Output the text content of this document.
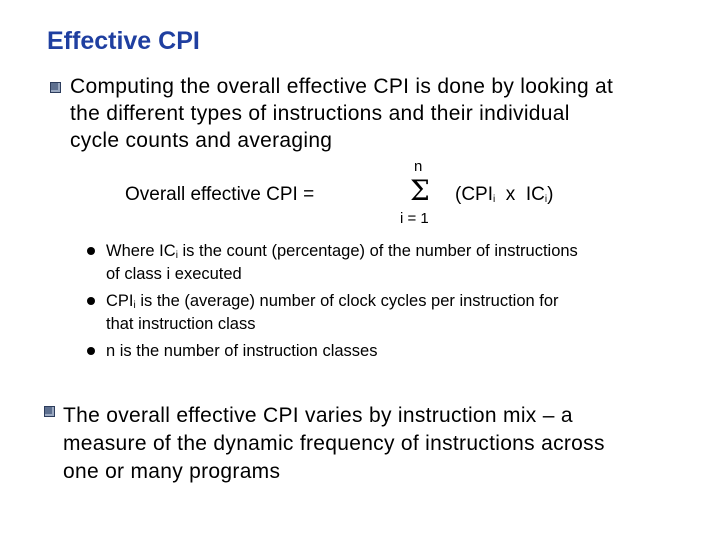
Effective CPI
Computing the overall effective CPI is done by looking at
the different types of instructions and their individual
cycle counts and averaging
Overall effective CPI =
n
Σ
i = 1
($CPI_i$  x  $IC_i$)
Where $IC_i$ is the count (percentage) of the number of instructions
of class i executed
$CPI_i$ is the (average) number of clock cycles per instruction for
that instruction class
n is the number of instruction classes
The overall effective CPI varies by instruction mix – a
measure of the dynamic frequency of instructions across
one or many programs
